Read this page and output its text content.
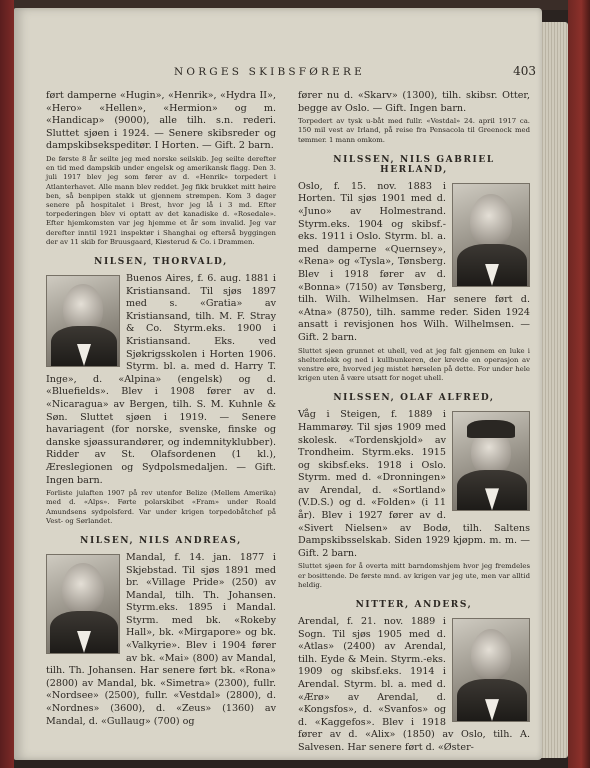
NORGES SKIBSFØRERE	403

ført damperne «Hugin», «Henrik», «Hydra II», «Hero» «Hellen», «Hermion» og m. «Handicap» (9000), alle tilh. s.n. rederi. Sluttet sjøen i 1924. — Senere skibsreder og dampskibsekspeditør. I Horten. — Gift. 2 barn.

De første 8 år seilte jeg med norske seilskib. Jeg seilte derefter en tid med dampskib under engelsk og amerikansk flagg. Den 3. juli 1917 blev jeg som fører av d. «Henrik» torpedert i Atlanterhavet. Alle mann blev reddet. Jeg fikk brukket mitt høire ben, så benpipen stakk ut gjennem strømpen. Kom 3 dager senere på hospitalet i Brest, hvor jeg lå i 3 md. Efter torpederingen blev vi optatt av det kanadiske d. «Rosedale». Efter hjemkomsten var jeg hjemme et år som invalid. Jeg var derefter inntil 1921 inspektør i Shanghai og efterså byggingen der av 11 skib for Bruusgaard, Kiøsterud & Co. i Drammen.

NILSEN, THORVALD,

Buenos Aires, f. 6. aug. 1881 i Kristiansand. Til sjøs 1897 med s. «Gratia» av Kristiansand, tilh. M. F. Stray & Co. Styrm.eks. 1900 i Kristiansand. Eks. ved Sjøkrigsskolen i Horten 1906. Styrm. bl. a. med d. Harry T. Inge», d. «Alpina» (engelsk) og d. «Bluefields». Blev i 1908 fører av d. «Nicaragua» av Bergen, tilh. S. M. Kuhnle & Søn. Sluttet sjøen i 1919. — Senere havariagent (for norske, svenske, finske og danske sjøassurandører, og indemnityklubber). Ridder av St. Olafsordenen (1 kl.), Æreslegionen og Sydpolsmedaljen. — Gift. Ingen barn.

Forliste julaften 1907 på rev utenfor Belize (Mellem Amerika) med d. «Alps». Førte polarskibet «Fram» under Roald Amundsens sydpolsferd. Var under krigen torpedobåtchef på Vest- og Sørlandet.

NILSEN, NILS ANDREAS,

Mandal, f. 14. jan. 1877 i Skjebstad. Til sjøs 1891 med br. «Village Pride» (250) av Mandal, tilh. Th. Johansen. Styrm.eks. 1895 i Mandal. Styrm. med bk. «Rokeby Hall», bk. «Mirgapore» og bk. «Valkyrie». Blev i 1904 fører av bk. «Mai» (800) av Mandal, tilh. Th. Johansen. Har senere ført bk. «Rona» (2800) av Mandal, bk. «Simetra» (2300), fullr. «Nordsee» (2500), fullr. «Vestdal» (2800), d. «Nordnes» (3600), d. «Zeus» (1360) av Mandal, d. «Gullaug» (700) og

fører nu d. «Skarv» (1300), tilh. skibsr. Otter, begge av Oslo. — Gift. Ingen barn.

Torpedert av tysk u-båt med fullr. «Vestdal» 24. april 1917 ca. 150 mil vest av Irland, på reise fra Pensacola til Greenock med tømmer. 1 mann omkom.

NILSSEN, NILS GABRIEL HERLAND,

Oslo, f. 15. nov. 1883 i Horten. Til sjøs 1901 med d. «Juno» av Holmestrand. Styrm.eks. 1904 og skibsf.-eks. 1911 i Oslo. Styrm. bl. a. med damperne «Quernsey», «Rena» og «Tysla», Tønsberg. Blev i 1918 fører av d. «Bonna» (7150) av Tønsberg, tilh. Wilh. Wilhelmsen. Har senere ført d. «Atna» (8750), tilh. samme reder. Siden 1924 ansatt i revisjonen hos Wilh. Wilhelmsen. — Gift. 2 barn.

Sluttet sjøen grunnet et uhell, ved at jeg falt gjennem en luke i shelterdekk og ned i kullbunkeren, der krevde en operasjon av venstre øre, hvorved jeg mistet hørselen på dette. For under hele krigen uten å være utsatt for noget uhell.

NILSSEN, OLAF ALFRED,

Våg i Steigen, f. 1889 i Hammarøy. Til sjøs 1909 med skolesk. «Tordenskjold» av Trondheim. Styrm.eks. 1915 og skibsf.eks. 1918 i Oslo. Styrm. med d. «Dronningen» av Arendal, d. «Sortland» (V.D.S.) og d. «Folden» (i 11 år). Blev i 1927 fører av d. «Sivert Nielsen» av Bodø, tilh. Saltens Dampskibsselskab. Siden 1929 kjøpm. m. m. — Gift. 2 barn.

Sluttet sjøen for å overta mitt barndomshjem hvor jeg fremdeles er bosittende. De første mnd. av krigen var jeg ute, men var alltid heldig.

NITTER, ANDERS,

Arendal, f. 21. nov. 1889 i Sogn. Til sjøs 1905 med d. «Atlas» (2400) av Arendal, tilh. Eyde & Mein. Styrm.-eks. 1909 og skibsf.eks. 1914 i Arendal. Styrm. bl. a. med d. «Ærø» av Arendal, d. «Kongsfos», d. «Svanfos» og d. «Kaggefos». Blev i 1918 fører av d. «Alix» (1850) av Oslo, tilh. A. Salvesen. Har senere ført d. «Øster-
